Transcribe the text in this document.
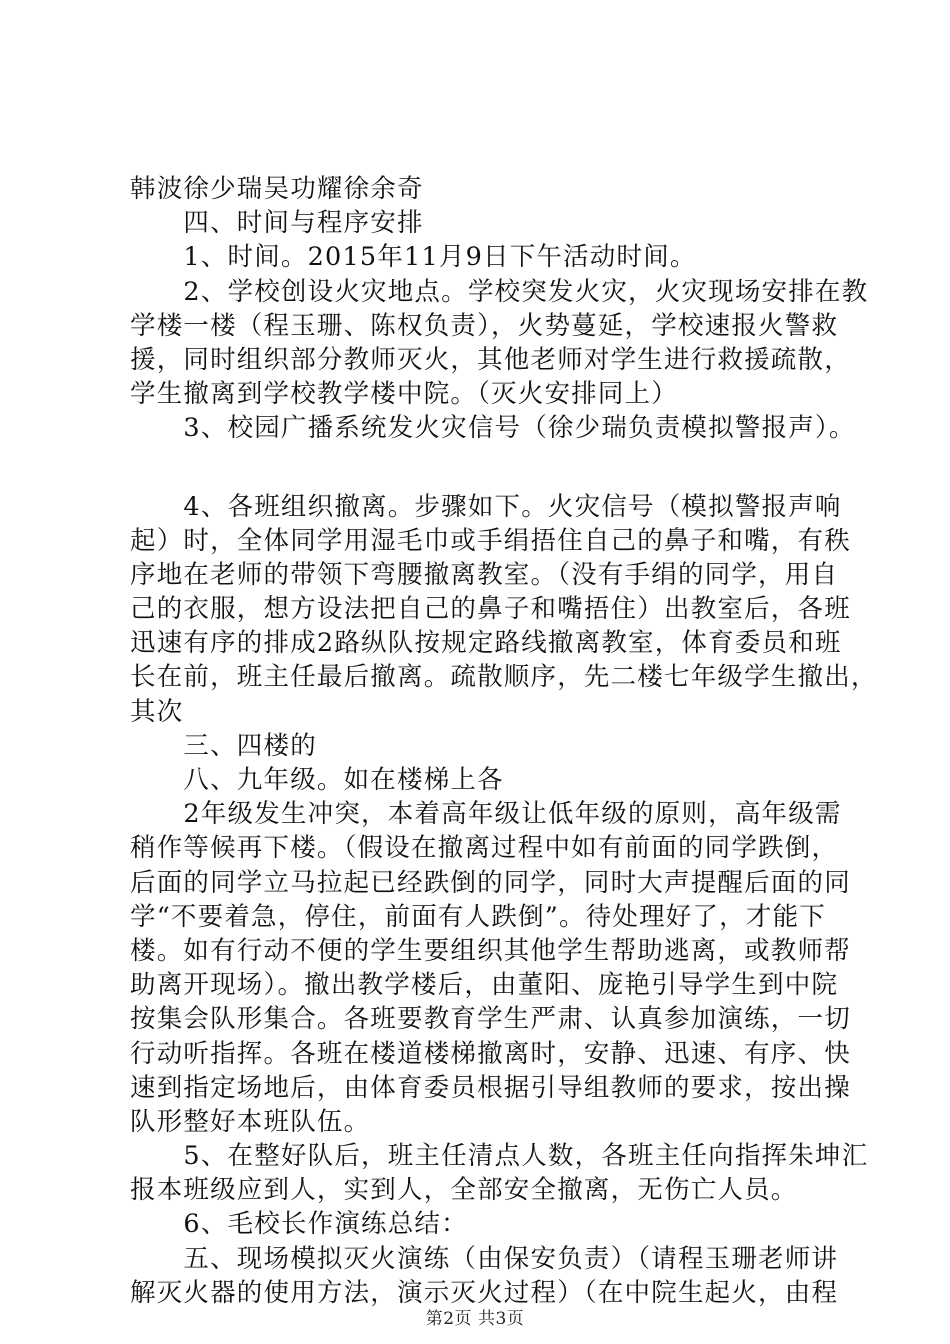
韩波徐少瑞吴功耀徐余奇
　　四、时间与程序安排
　　1、时间。2015年11月9日下午活动时间。
　　2、学校创设火灾地点。学校突发火灾，火灾现场安排在教
学楼一楼（程玉珊、陈权负责），火势蔓延，学校速报火警救
援，同时组织部分教师灭火，其他老师对学生进行救援疏散，
学生撤离到学校教学楼中院。（灭火安排同上）
　　3、校园广播系统发火灾信号（徐少瑞负责模拟警报声）。
　　4、各班组织撤离。步骤如下。火灾信号（模拟警报声响
起）时，全体同学用湿毛巾或手绢捂住自己的鼻子和嘴，有秩
序地在老师的带领下弯腰撤离教室。（没有手绢的同学，用自
己的衣服，想方设法把自己的鼻子和嘴捂住）出教室后，各班
迅速有序的排成2路纵队按规定路线撤离教室，体育委员和班
长在前，班主任最后撤离。疏散顺序，先二楼七年级学生撤出，
其次
　　三、四楼的
　　八、九年级。如在楼梯上各
　　2年级发生冲突，本着高年级让低年级的原则，高年级需
稍作等候再下楼。（假设在撤离过程中如有前面的同学跌倒，
后面的同学立马拉起已经跌倒的同学，同时大声提醒后面的同
学“不要着急，停住，前面有人跌倒”。待处理好了，才能下
楼。如有行动不便的学生要组织其他学生帮助逃离，或教师帮
助离开现场）。撤出教学楼后，由董阳、庞艳引导学生到中院
按集会队形集合。各班要教育学生严肃、认真参加演练，一切
行动听指挥。各班在楼道楼梯撤离时，安静、迅速、有序、快
速到指定场地后，由体育委员根据引导组教师的要求，按出操
队形整好本班队伍。
　　5、在整好队后，班主任清点人数，各班主任向指挥朱坤汇
报本班级应到人，实到人，全部安全撤离，无伤亡人员。
　　6、毛校长作演练总结：
　　五、现场模拟灭火演练（由保安负责）（请程玉珊老师讲
解灭火器的使用方法，演示灭火过程）（在中院生起火，由程
第2页 共3页
